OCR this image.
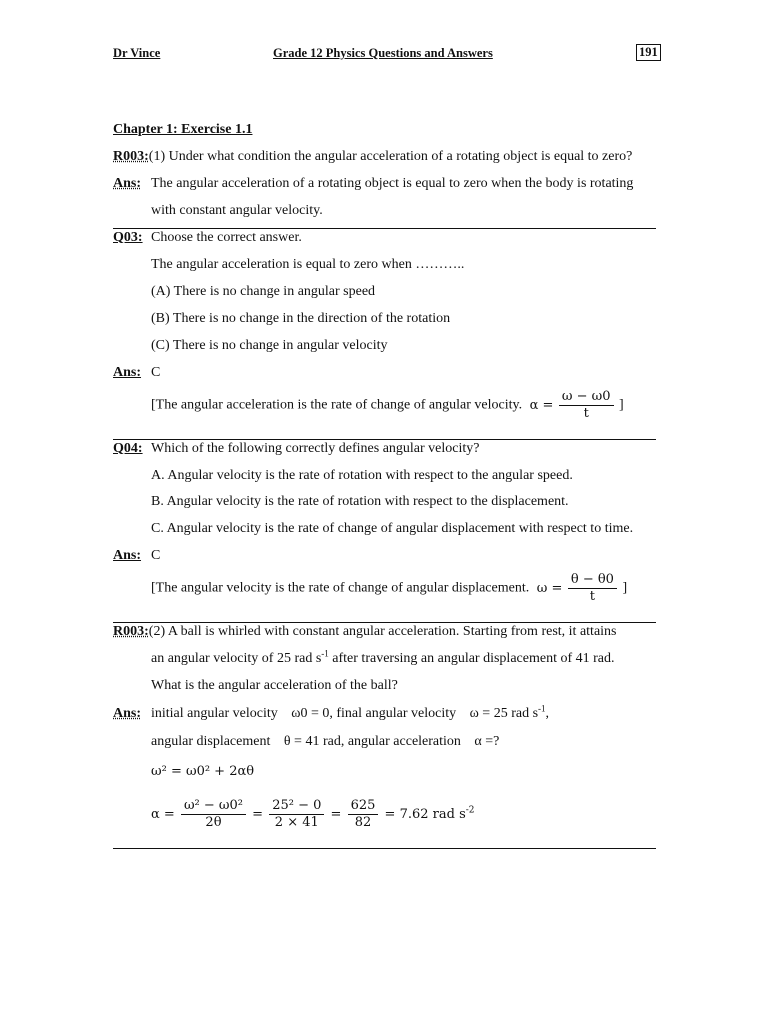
Dr Vince	Grade 12 Physics Questions and Answers	191
Chapter 1: Exercise 1.1
R003:(1) Under what condition the angular acceleration of a rotating object is equal to zero?
Ans: The angular acceleration of a rotating object is equal to zero when the body is rotating
with constant angular velocity.
Q03: Choose the correct answer.
The angular acceleration is equal to zero when ………..
(A) There is no change in angular speed
(B) There is no change in the direction of the rotation
(C) There is no change in angular velocity
Ans: C
[The angular acceleration is the rate of change of angular velocity. $\alpha = \frac{\omega - \omega 0}{t}$ ]
Q04: Which of the following correctly defines angular velocity?
A. Angular velocity is the rate of rotation with respect to the angular speed.
B. Angular velocity is the rate of rotation with respect to the displacement.
C. Angular velocity is the rate of change of angular displacement with respect to time.
Ans: C
[The angular velocity is the rate of change of angular displacement. $\omega = \frac{\theta - \theta 0}{t}$ ]
R003:(2) A ball is whirled with constant angular acceleration. Starting from rest, it attains
an angular velocity of 25 rad $s^{-1}$ after traversing an angular displacement of 41 rad.
What is the angular acceleration of the ball?
Ans: initial angular velocity ω0 = 0, final angular velocity ω = 25 rad $s^{-1}$,
angular displacement θ = 41 rad, angular acceleration α =?
ω² = ω0² + 2αθ
$\alpha = \frac{\text{ω² − ω0²}}{2\theta} = \frac{\text{25² − 0}}{2 \times 41} = \frac{625}{82} = 7.62$ rad $s^{-2}$
